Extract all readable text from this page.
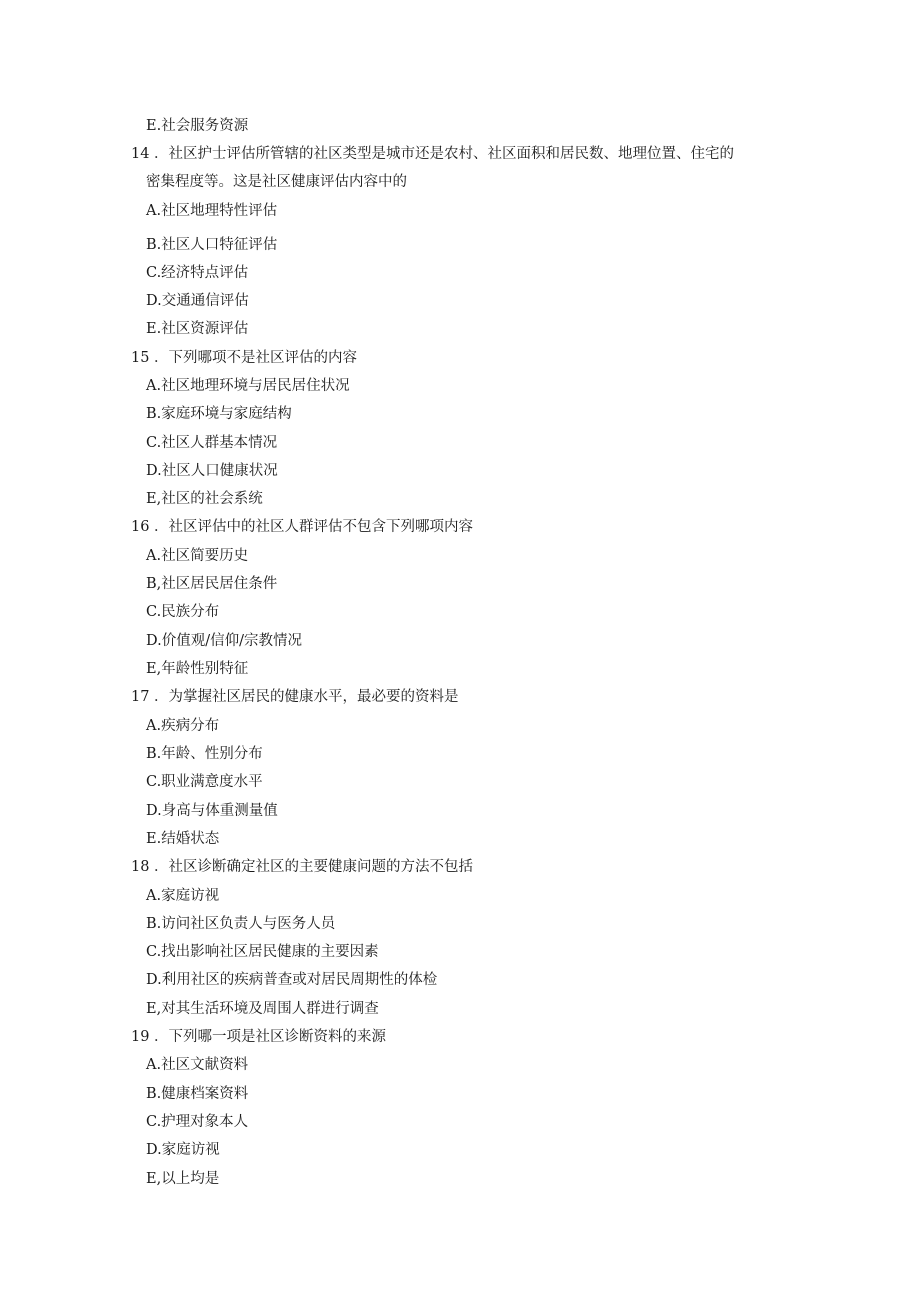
E.社会服务资源
14 ．社区护士评估所管辖的社区类型是城市还是农村、社区面积和居民数、地理位置、住宅的
密集程度等。这是社区健康评估内容中的
A.社区地理特性评估
B.社区人口特征评估
C.经济特点评估
D.交通通信评估
E.社区资源评估
15 ．下列哪项不是社区评估的内容
A.社区地理环境与居民居住状况
B.家庭环境与家庭结构
C.社区人群基本情况
D.社区人口健康状况
E,社区的社会系统
16 ．社区评估中的社区人群评估不包含下列哪项内容
A.社区简要历史
B,社区居民居住条件
C.民族分布
D.价值观/信仰/宗教情况
E,年龄性别特征
17 ．为掌握社区居民的健康水平，最必要的资料是
A.疾病分布
B.年龄、性别分布
C.职业满意度水平
D.身高与体重测量值
E.结婚状态
18 ．社区诊断确定社区的主要健康问题的方法不包括
A.家庭访视
B.访问社区负责人与医务人员
C.找出影响社区居民健康的主要因素
D.利用社区的疾病普查或对居民周期性的体检
E,对其生活环境及周围人群进行调查
19 ．下列哪一项是社区诊断资料的来源
A.社区文献资料
B.健康档案资料
C.护理对象本人
D.家庭访视
E,以上均是
